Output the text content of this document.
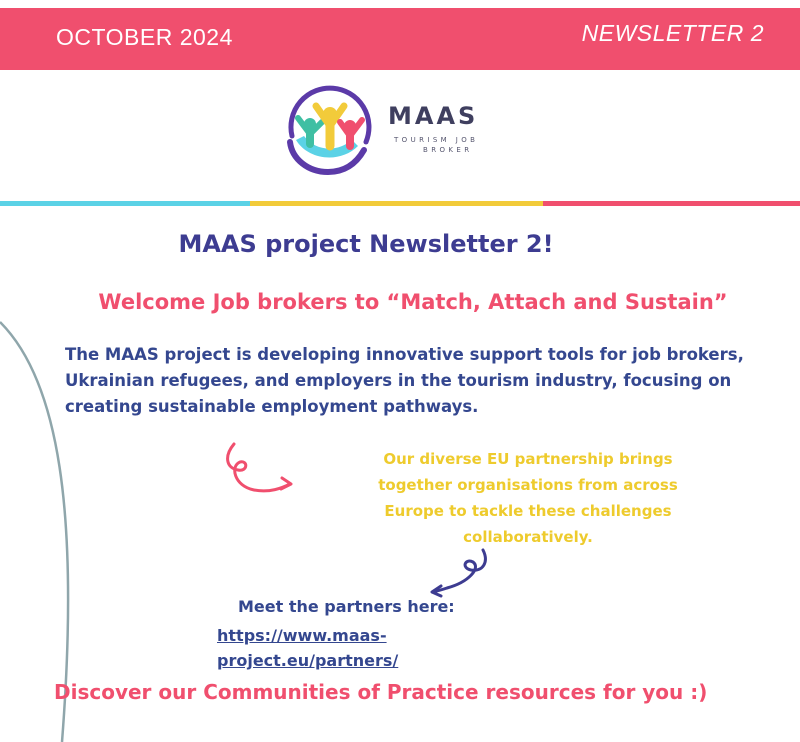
OCTOBER 2024	NEWSLETTER 2
MAAS
TOURISM JOB
BROKER
MAAS project Newsletter 2!
Welcome Job brokers to “Match, Attach and Sustain”

The MAAS project is developing innovative support tools for job brokers, Ukrainian refugees, and employers in the tourism industry, focusing on creating sustainable employment pathways.

Our diverse EU partnership brings together organisations from across Europe to tackle these challenges collaboratively.

Meet the partners here:

https://www.maas-project.eu/partners/

Discover our Communities of Practice resources for you :)
